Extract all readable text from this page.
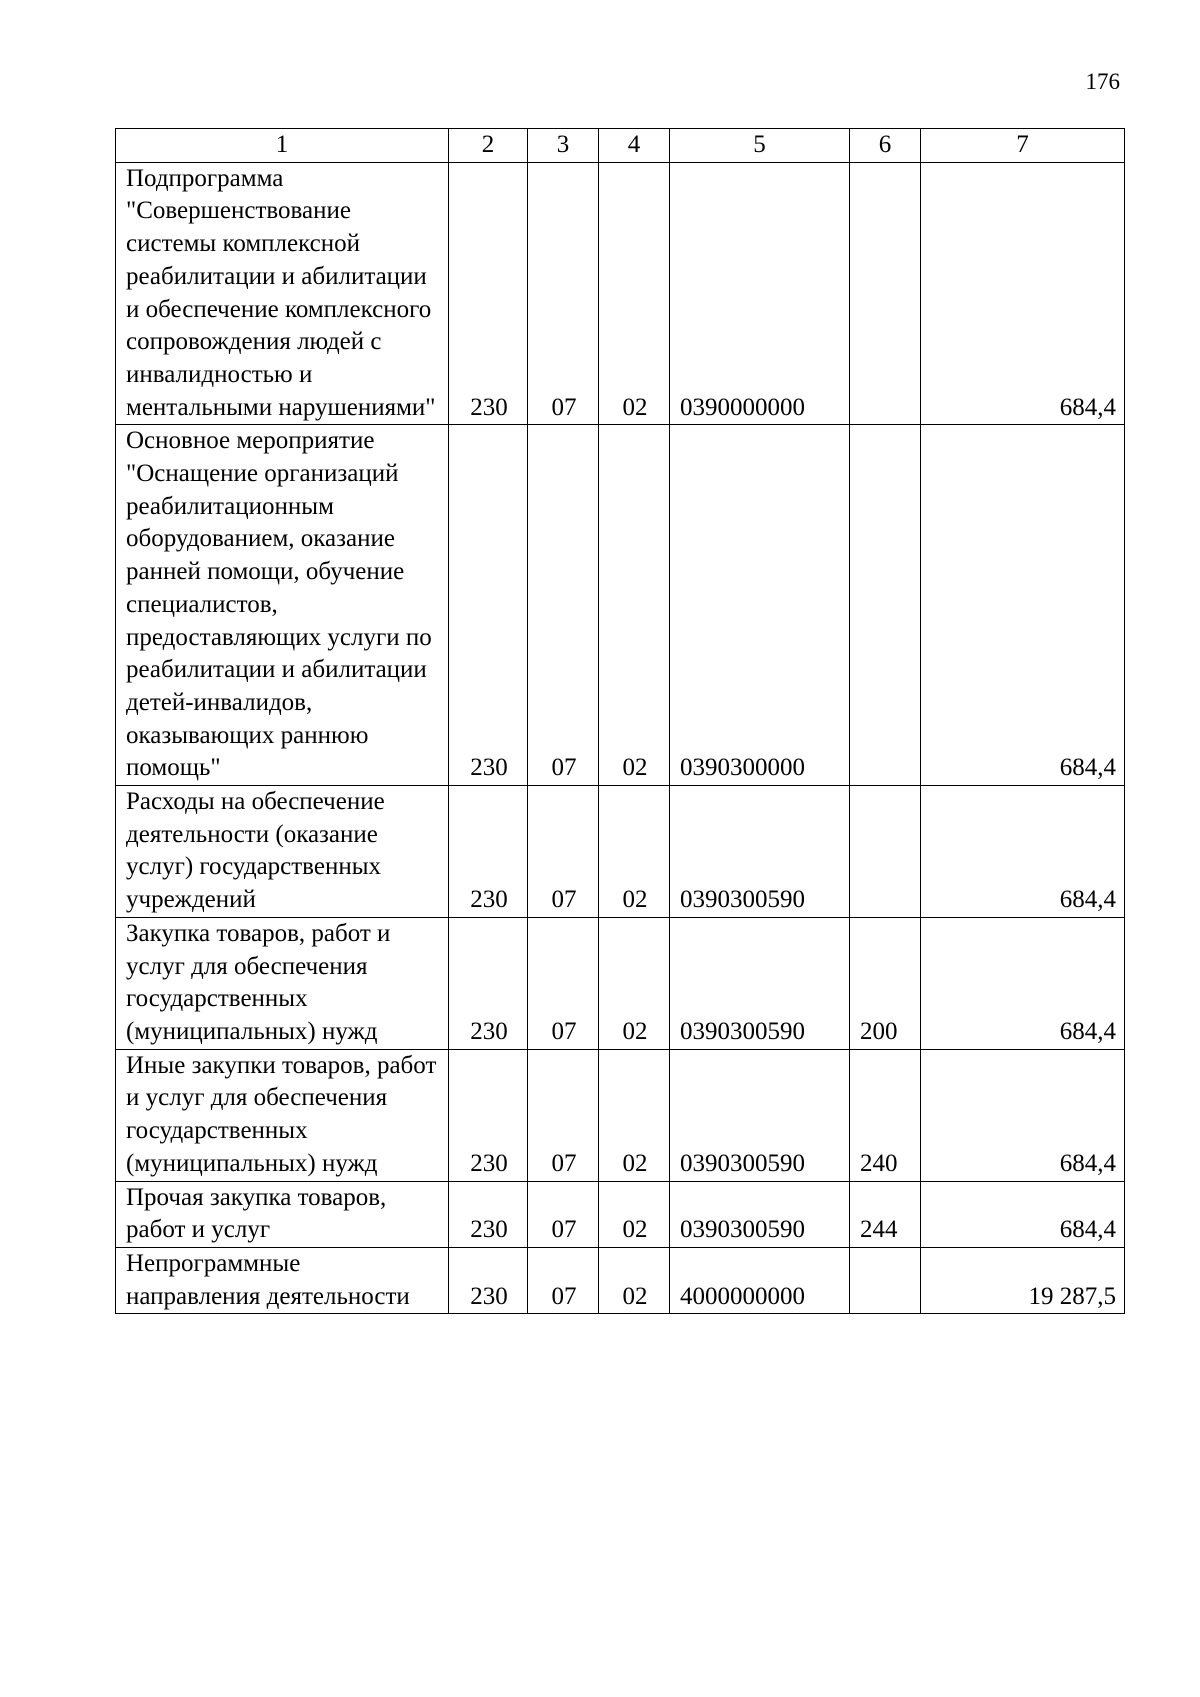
176
1	2	3	4	5	6	7
Подпрограмма "Совершенствование системы комплексной реабилитации и абилитации и обеспечение комплексного сопровождения людей с инвалидностью и ментальными нарушениями"	230	07	02	0390000000		684,4
Основное мероприятие "Оснащение организаций реабилитационным оборудованием, оказание ранней помощи, обучение специалистов, предоставляющих услуги по реабилитации и абилитации детей-инвалидов, оказывающих раннюю помощь"	230	07	02	0390300000		684,4
Расходы на обеспечение деятельности (оказание услуг) государственных учреждений	230	07	02	0390300590		684,4
Закупка товаров, работ и услуг для обеспечения государственных (муниципальных) нужд	230	07	02	0390300590	200	684,4
Иные закупки товаров, работ и услуг для обеспечения государственных (муниципальных) нужд	230	07	02	0390300590	240	684,4
Прочая закупка товаров, работ и услуг	230	07	02	0390300590	244	684,4
Непрограммные направления деятельности	230	07	02	4000000000		19 287,5
